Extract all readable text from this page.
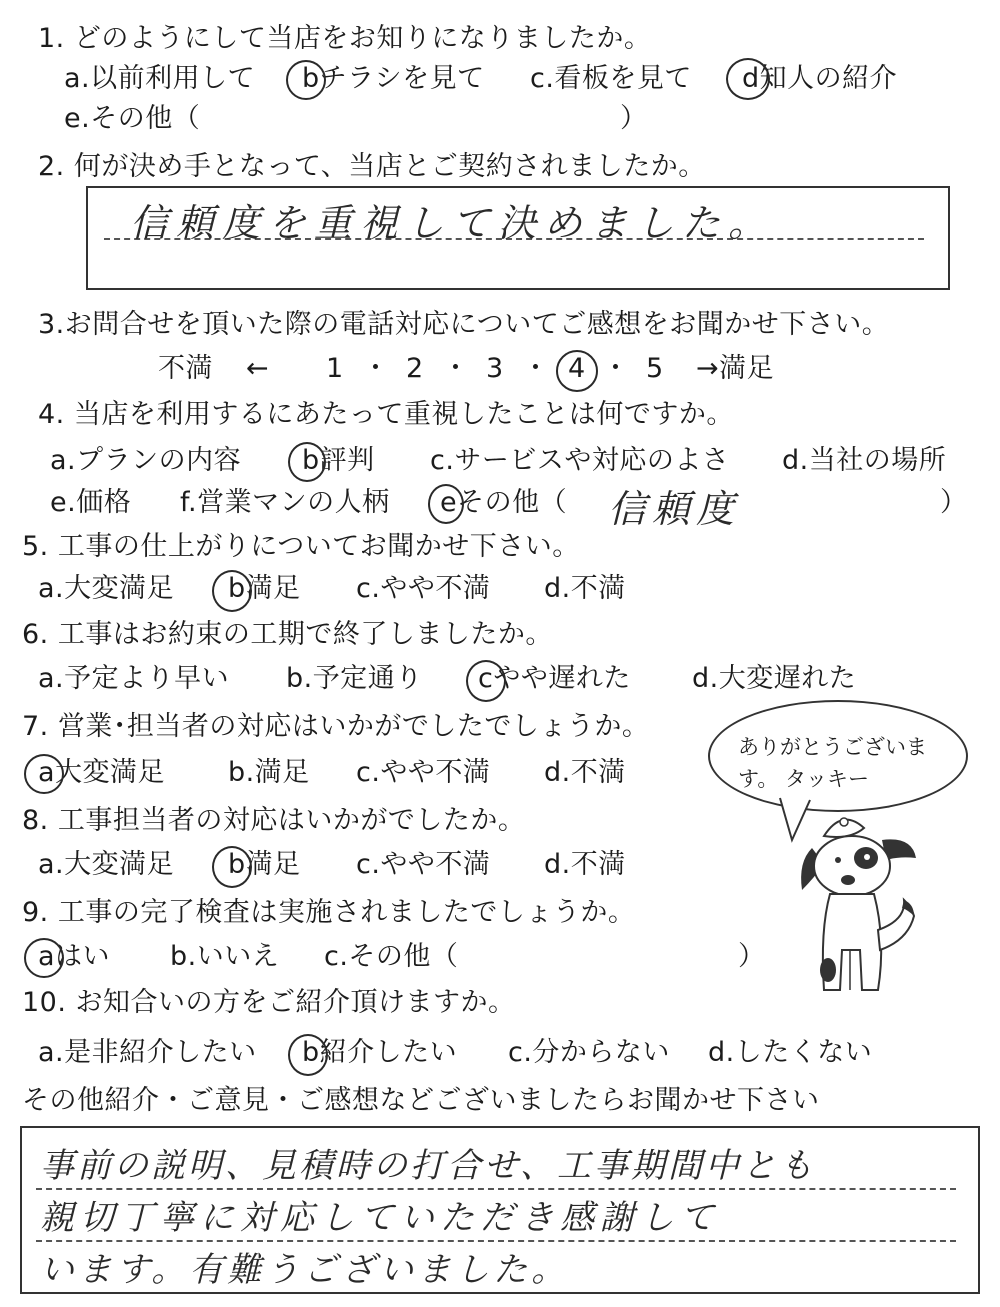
1. どのようにして当店をお知りになりましたか。
a.以前利用して bチラシを見て c.看板を見て d知人の紹介
e.その他（	）
2. 何が決め手となって、当店とご契約されましたか。
信頼度を重視して決めました。
3.お問合せを頂いた際の電話対応についてご感想をお聞かせ下さい。
不満 ← 1 ・ 2 ・ 3 ・ 4 ・ 5 →満足
4. 当店を利用するにあたって重視したことは何ですか。
a.プランの内容 b評判 c.サービスや対応のよさ d.当社の場所
e.価格 f.営業マンの人柄 eその他（ 信頼度	）
5. 工事の仕上がりについてお聞かせ下さい。
a.大変満足 b満足 c.やや不満 d.不満
6. 工事はお約束の工期で終了しましたか。
a.予定より早い b.予定通り cやや遅れた d.大変遅れた
7. 営業･担当者の対応はいかがでしたでしょうか。
a大変満足 b.満足 c.やや不満 d.不満
8. 工事担当者の対応はいかがでしたか。
a.大変満足 b満足 c.やや不満 d.不満
9. 工事の完了検査は実施されましたでしょうか。
aはい b.いいえ c.その他（	）
10. お知合いの方をご紹介頂けますか。
a.是非紹介したい b紹介したい c.分からない d.したくない
その他紹介・ご意見・ご感想などございましたらお聞かせ下さい
事前の説明、見積時の打合せ、工事期間中とも
親切丁寧に対応していただき感謝して
います。有難うございました。
ありがとうございま
す。 タッキー
